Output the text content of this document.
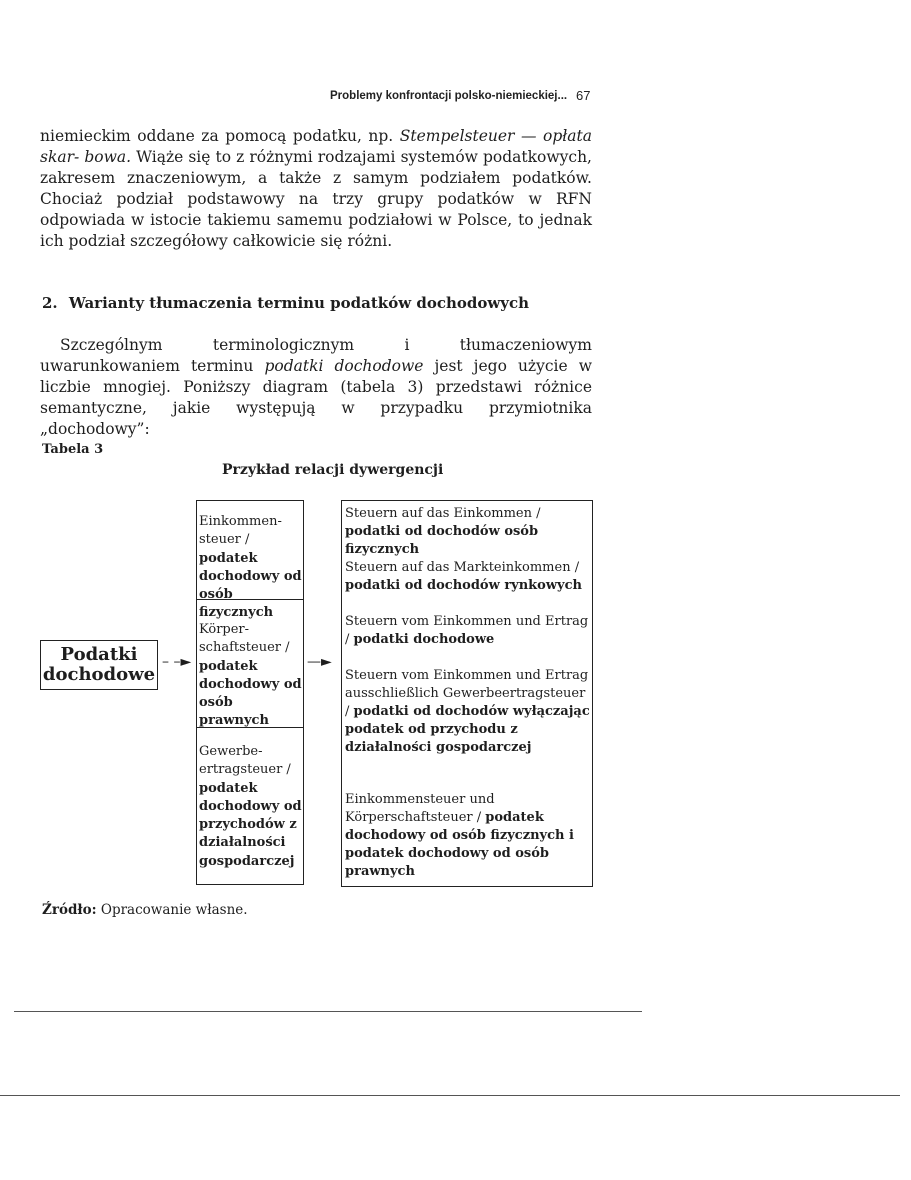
Problemy konfrontacji polsko-niemieckiej... 67

niemieckim oddane za pomocą podatku, np. Stempelsteuer — opłata skar- bowa. Wiąże się to z różnymi rodzajami systemów podatkowych, zakresem znaczeniowym, a także z samym podziałem podatków. Chociaż podział podstawowy na trzy grupy podatków w RFN odpowiada w istocie takiemu samemu podziałowi w Polsce, to jednak ich podział szczegółowy całkowicie się różni.

2. Warianty tłumaczenia terminu podatków dochodowych

Szczególnym terminologicznym i tłumaczeniowym uwarunkowaniem terminu podatki dochodowe jest jego użycie w liczbie mnogiej. Poniższy diagram (tabela 3) przedstawi różnice semantyczne, jakie występują w przypadku przymiotnika „dochodowy”:

Tabela 3
Przykład relacji dywergencji
Podatki dochodowe
– –►	—►
Einkommen-steuer / podatek dochodowy od osób fizycznych
Körper-schaftsteuer / podatek dochodowy od osób prawnych
Gewerbe-ertragsteuer / podatek dochodowy od przychodów z działalności gospodarczej
Steuern auf das Einkommen / podatki od dochodów osób fizycznych
Steuern auf das Markteinkommen / podatki od dochodów rynkowych
Steuern vom Einkommen und Ertrag / podatki dochodowe
Steuern vom Einkommen und Ertrag ausschließlich Gewerbeertragsteuer / podatki od dochodów wyłączając podatek od przychodu z działalności gospodarczej
Einkommensteuer und Körperschaftsteuer / podatek dochodowy od osób fizycznych i podatek dochodowy od osób prawnych
Źródło: Opracowanie własne.
